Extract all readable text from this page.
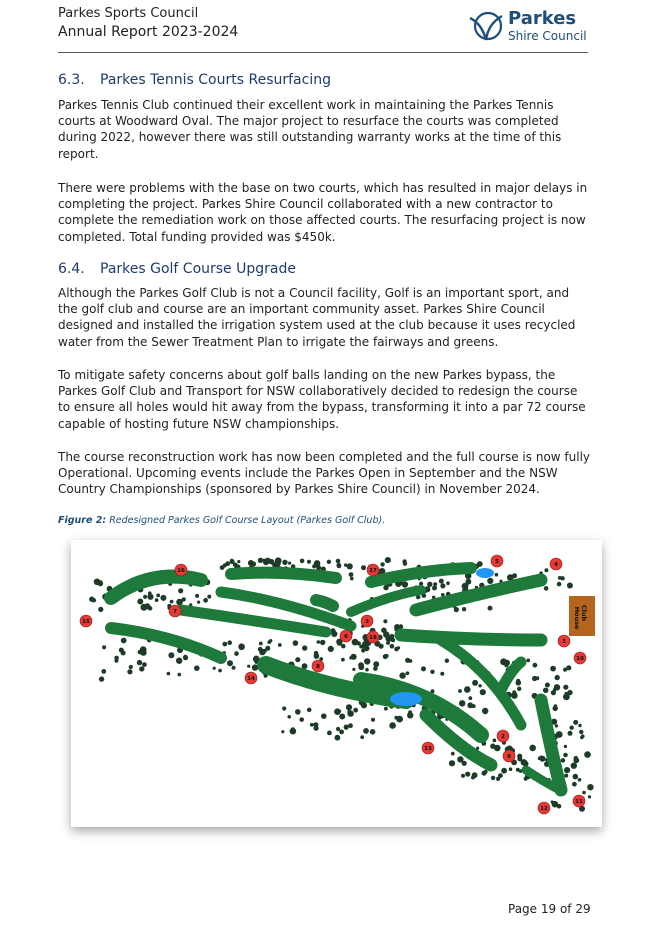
Parkes Sports Council
Annual Report 2023-2024
Parkes
Shire Council
6.3. Parkes Tennis Courts Resurfacing

Parkes Tennis Club continued their excellent work in maintaining the Parkes Tennis courts at Woodward Oval. The major project to resurface the courts was completed during 2022, however there was still outstanding warranty works at the time of this report.

There were problems with the base on two courts, which has resulted in major delays in completing the project. Parkes Shire Council collaborated with a new contractor to complete the remediation work on those affected courts. The resurfacing project is now completed. Total funding provided was $450k.

6.4. Parkes Golf Course Upgrade

Although the Parkes Golf Club is not a Council facility, Golf is an important sport, and the golf club and course are an important community asset. Parkes Shire Council designed and installed the irrigation system used at the club because it uses recycled water from the Sewer Treatment Plan to irrigate the fairways and greens.

To mitigate safety concerns about golf balls landing on the new Parkes bypass, the Parkes Golf Club and Transport for NSW collaboratively decided to redesign the course to ensure all holes would hit away from the bypass, transforming it into a par 72 course capable of hosting future NSW championships.

The course reconstruction work has now been completed and the full course is now fully Operational. Upcoming events include the Parkes Open in September and the NSW Country Championships (sponsored by Parkes Shire Council) in November 2024.

Figure 2: Redesigned Parkes Golf Course Layout (Parkes Golf Club).
Club
House
1
2
3
4
5
6
7
8
9
10
11
12
13
14
15
16	17
18
Page 19 of 29
